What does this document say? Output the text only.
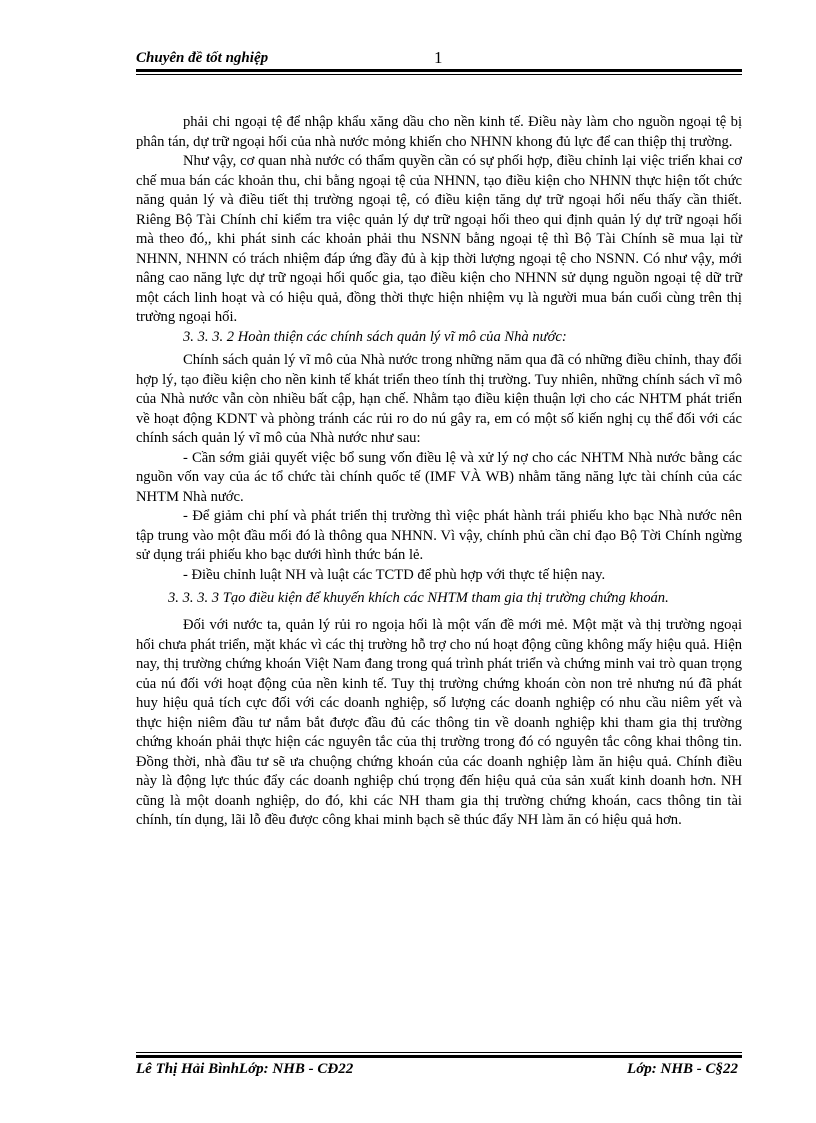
Chuyên đề tốt nghiệp	1

phải chi ngoại tệ để nhập khẩu xăng dầu cho nền kinh tế. Điều này làm cho nguồn ngoại tệ bị phân tán, dự trữ ngoại hối của nhà nước mỏng khiến cho NHNN khong đủ lực để can thiệp thị trường.

Như vậy, cơ quan nhà nước có thẩm quyền cần có sự phối hợp, điều chỉnh lại việc triển khai cơ chế mua bán các khoản thu, chi bằng ngoại tệ của NHNN, tạo điều kiện cho NHNN thực hiện tốt chức năng quản lý và điều tiết thị trường ngoại tệ, có điều kiện tăng dự trữ ngoại hối nếu thấy cần thiết. Riêng Bộ Tài Chính chỉ kiểm tra việc quản lý dự trữ ngoại hối theo qui định quản lý dự trữ ngoại hối mà theo đó,, khi phát sinh các khoản phải thu NSNN bằng ngoại tệ thì Bộ Tài Chính sẽ mua lại từ NHNN, NHNN có trách nhiệm đáp ứng đầy đủ à kịp thời lượng ngoại tệ cho NSNN. Có như vậy, mới nâng cao năng lực dự trữ ngoại hối quốc gia, tạo điều kiện cho NHNN sử dụng nguồn ngoại tệ dữ trữ một cách linh hoạt và có hiệu quả, đồng thời thực hiện nhiệm vụ là người mua bán cuối cùng trên thị trường ngoại hối.

3. 3. 3. 2 Hoàn thiện các chính sách quản lý vĩ mô của Nhà nước:

Chính sách quản lý vĩ mô của Nhà nước trong những năm qua đã có những điều chỉnh, thay đổi hợp lý, tạo điều kiện cho nền kinh tế khát triển theo tính thị trường. Tuy nhiên, những chính sách vĩ mô của Nhà nước vẫn còn nhiều bất cập, hạn chế. Nhằm tạo điều kiện thuận lợi cho các NHTM phát triển về hoạt động KDNT và phòng tránh các rủi ro do nú gây ra, em có một số kiến nghị cụ thể đối với các chính sách quản lý vĩ mô của Nhà nước như sau:

- Cần sớm giải quyết việc bổ sung vốn điều lệ và xử lý nợ cho các NHTM Nhà nước bằng các nguồn vốn vay của ác tổ chức tài chính quốc tế (IMF VÀ WB) nhằm tăng năng lực tài chính của các NHTM Nhà nước.

- Để giảm chi phí và phát triển thị trường thì việc phát hành trái phiếu kho bạc Nhà nước nên tập trung vào một đầu mối đó là thông qua NHNN. Vì vậy, chính phủ cần chỉ đạo Bộ Tời Chính ngừng sử dụng trái phiếu kho bạc dưới hình thức bán lẻ.

- Điều chỉnh luật NH và luật các TCTD để phù hợp với thực tế hiện nay.

3. 3. 3. 3 Tạo điều kiện để khuyến khích các NHTM tham gia thị trường chứng khoán.

Đối với nước ta, quản lý rủi ro ngoịa hối là một vấn đề mới mẻ. Một mặt và thị trường ngoại hối chưa phát triển, mặt khác vì các thị trường hỗ trợ cho nú hoạt động cũng không mấy hiệu quả. Hiện nay, thị trường chứng khoán Việt Nam đang trong quá trình phát triển và chứng minh vai trò quan trọng của nú đối với hoạt động của nền kinh tế. Tuy thị trường chứng khoán còn non trẻ nhưng nú đã phát huy hiệu quả tích cực đối với các doanh nghiệp, số lượng các doanh nghiệp có nhu cầu niêm yết và thực hiện niêm đầu tư nắm bắt được đầu đủ các thông tin về doanh nghiệp khi tham gia thị trường chứng khoán phải thực hiện các nguyên tắc của thị trường trong đó có nguyên tắc công khai thông tin. Đồng thời, nhà đầu tư sẽ ưa chuộng chứng khoán của các doanh nghiệp làm ăn hiệu quả. Chính điều này là động lực thúc đẩy các doanh nghiệp chú trọng đến hiệu quả của sản xuất kinh doanh hơn. NH cũng là một doanh nghiệp, do đó, khi các NH tham gia thị trường chứng khoán, cacs thông tin tài chính, tín dụng, lãi lỗ đều được công khai minh bạch sẽ thúc đẩy NH làm ăn có hiệu quả hơn.

Lê Thị Hải BìnhLớp: NHB - CĐ22	Lớp: NHB - C§22
